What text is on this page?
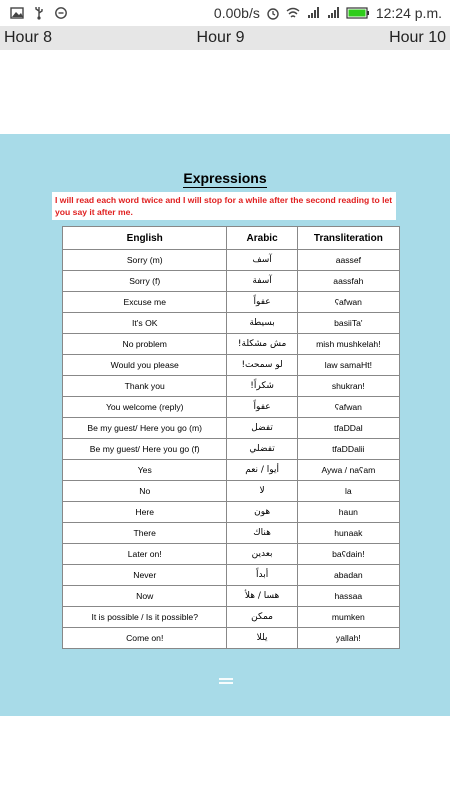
0.00b/s	12:24 p.m.
Hour 8	Hour 9	Hour 10
Expressions
I will read each word twice and I will stop for a while after the second reading to let you say it after me.
English	Arabic	Transliteration
Sorry (m)	آسف	aassef
Sorry (f)	آسفة	aassfah
Excuse me	عفواً	ʕafwan
It's OK	بسيطة	basiiTa'
No problem	مش مشكلة!	mish mushkelah!
Would you please	لو سمحت!	law samaHt!
Thank you	شكراً!	shukran!
You welcome (reply)	عفواً	ʕafwan
Be my guest/ Here you go (m)	تفضل	tfaDDal
Be my guest/ Here you go (f)	تفضلي	tfaDDalii
Yes	أيوا / نعم	Aywa / naʕam
No	لا	la
Here	هون	haun
There	هناك	hunaak
Later on!	بعدين	baʕdain!
Never	أبداً	abadan
Now	هسا / هلأ	hassaa
It is possible / Is it possible?	ممكن	mumken
Come on!	يللا	yallah!
